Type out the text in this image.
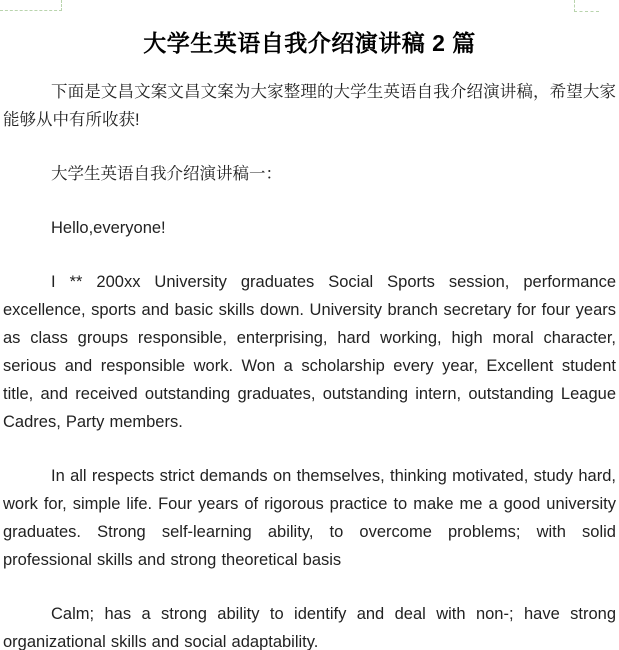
大学生英语自我介绍演讲稿 2 篇

下面是文昌文案文昌文案为大家整理的大学生英语自我介绍演讲稿，希望大家能够从中有所收获!

大学生英语自我介绍演讲稿一：

Hello,everyone!

I ** 200xx University graduates Social Sports session, performance excellence, sports and basic skills down. University branch secretary for four years as class groups responsible, enterprising, hard working, high moral character, serious and responsible work. Won a scholarship every year, Excellent student title, and received outstanding graduates, outstanding intern, outstanding League Cadres, Party members.

In all respects strict demands on themselves, thinking motivated, study hard, work for, simple life. Four years of rigorous practice to make me a good university graduates. Strong self-learning ability, to overcome problems; with solid professional skills and strong theoretical basis

Calm; has a strong ability to identify and deal with non-; have strong organizational skills and social adaptability.
